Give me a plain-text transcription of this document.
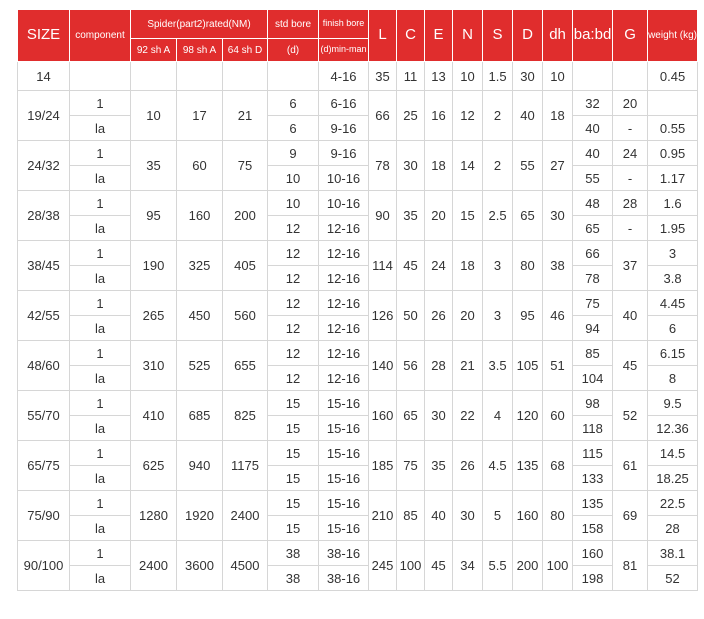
SIZE	component	Spider(part2)rated(NM)			std bore	finish bore	L	C	E	N	S	D	dh	ba:bd	G	weight (kg)
		92 sh A	98 sh A	64 sh D	(d)	(d)min-man										
14						4-16	35	11	13	10	1.5	30	10			0.45
19/24	1	10	17	21	6	6-16	66	25	16	12	2	40	18	32	20	
	la				6	9-16								40	-	0.55
24/32	1	35	60	75	9	9-16	78	30	18	14	2	55	27	40	24	0.95
	la				10	10-16								55	-	1.17
28/38	1	95	160	200	10	10-16	90	35	20	15	2.5	65	30	48	28	1.6
	la				12	12-16								65	-	1.95
38/45	1	190	325	405	12	12-16	114	45	24	18	3	80	38	66	37	3
	la				12	12-16								78		3.8
42/55	1	265	450	560	12	12-16	126	50	26	20	3	95	46	75	40	4.45
	la				12	12-16								94		6
48/60	1	310	525	655	12	12-16	140	56	28	21	3.5	105	51	85	45	6.15
	la				12	12-16								104		8
55/70	1	410	685	825	15	15-16	160	65	30	22	4	120	60	98	52	9.5
	la				15	15-16								118		12.36
65/75	1	625	940	1175	15	15-16	185	75	35	26	4.5	135	68	115	61	14.5
	la				15	15-16								133		18.25
75/90	1	1280	1920	2400	15	15-16	210	85	40	30	5	160	80	135	69	22.5
	la				15	15-16								158		28
90/100	1	2400	3600	4500	38	38-16	245	100	45	34	5.5	200	100	160	81	38.1
	la				38	38-16								198		52
